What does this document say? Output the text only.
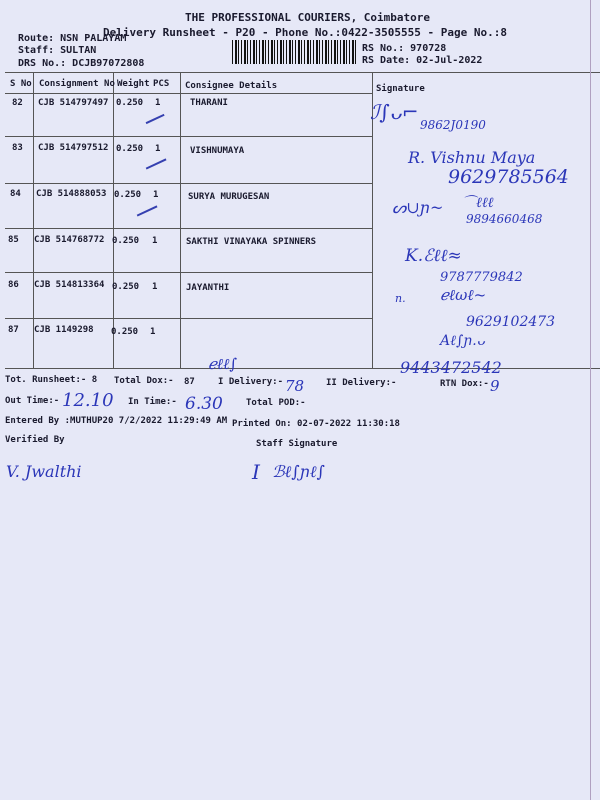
THE PROFESSIONAL COURIERS, Coimbatore
Delivery Runsheet - P20 - Phone No.:0422-3505555 - Page No.:8
Route: NSN PALAYAM
Staff: SULTAN
DRS No.: DCJB97072808
RS No.: 970728
RS Date: 02-Jul-2022
S No Consignment No Weight PCS Consignee Details	Signature
82 CJB 514797497 0.250 1	THARANI
83 CJB 514797512 0.250 1	VISHNUMAYA
84 CJB 514888053 0.250 1	SURYA MURUGESAN
85 CJB 514768772 0.250 1	SAKTHI VINAYAKA SPINNERS
86 CJB 514813364 0.250 1	JAYANTHI
87 CJB 1149298 0.250 1
ℐ∫ᴗ⌐
9862J0190
R. Vishnu Maya
9629785564
ᔕ∪ɲ~ ⌒ℓℓℓ
9894660468
K.ℰℓℓ≈
9787779842
n. ℯℓωℓ~
9629102473
Aℓ∫ɲ.ᴗ
ℯℓℓ∫	9443472542
Tot. Runsheet:- 8 Total Dox:- 87	I Delivery:- 78 II Delivery:-	RTN Dox:- 9
Out Time:- 12.10 In Time:- 6.30	Total POD:-
Entered By :MUTHUP20 7/2/2022 11:29:49 AM Printed On: 02-07-2022 11:30:18
Verified By	Staff Signature
V. Jwalthi	I ℬℓ∫ɲℓ∫
